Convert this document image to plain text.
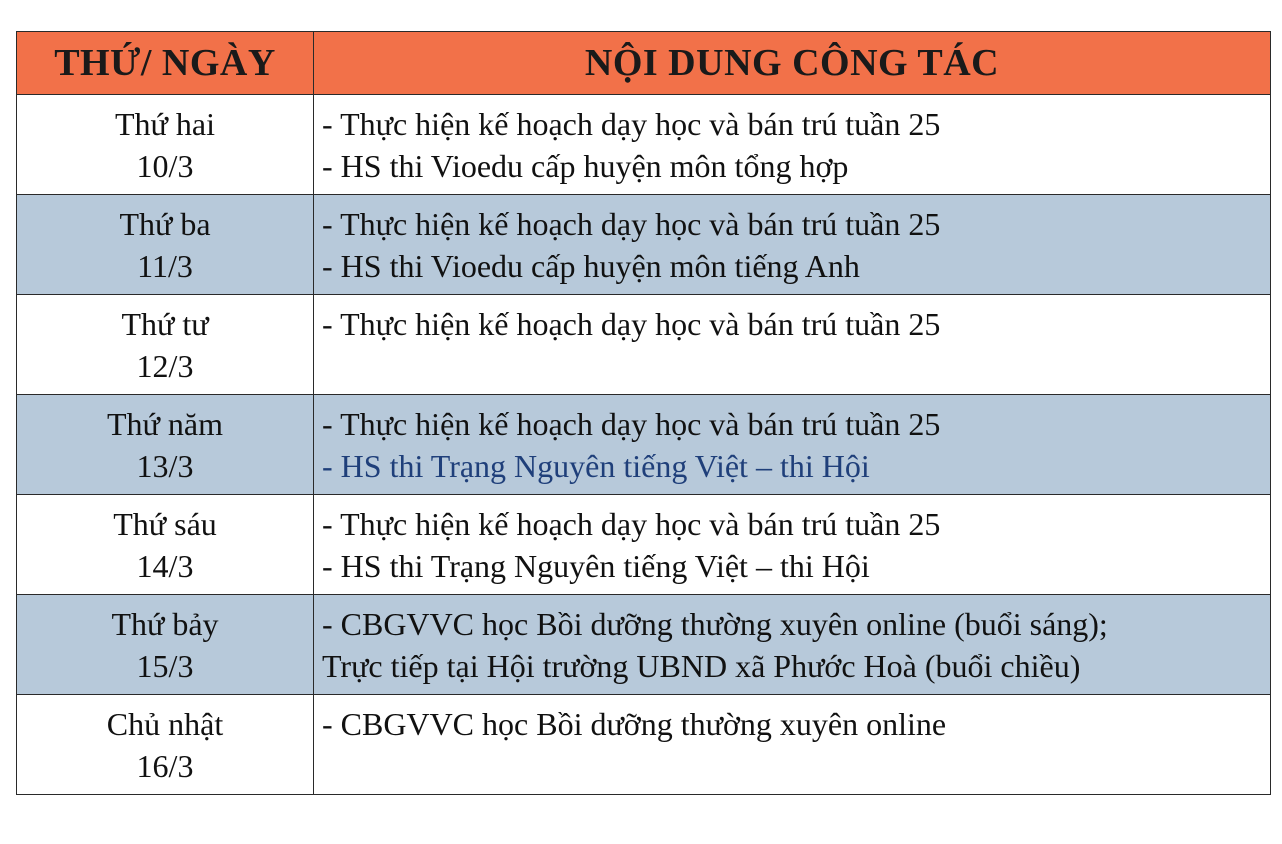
THỨ/ NGÀY	NỘI DUNG CÔNG TÁC

Thứ hai
10/3	- Thực hiện kế hoạch dạy học và bán trú tuần 25
- HS thi Vioedu cấp huyện môn tổng hợp

Thứ ba
11/3	- Thực hiện kế hoạch dạy học và bán trú tuần 25
- HS thi Vioedu cấp huyện môn tiếng Anh

Thứ tư
12/3	- Thực hiện kế hoạch dạy học và bán trú tuần 25

Thứ năm
13/3	- Thực hiện kế hoạch dạy học và bán trú tuần 25
- HS thi Trạng Nguyên tiếng Việt – thi Hội

Thứ sáu
14/3	- Thực hiện kế hoạch dạy học và bán trú tuần 25
- HS thi Trạng Nguyên tiếng Việt – thi Hội

Thứ bảy
15/3	- CBGVVC học Bồi dưỡng thường xuyên online (buổi sáng);
Trực tiếp tại Hội trường UBND xã Phước Hoà (buổi chiều)

Chủ nhật
16/3	- CBGVVC học Bồi dưỡng thường xuyên online
